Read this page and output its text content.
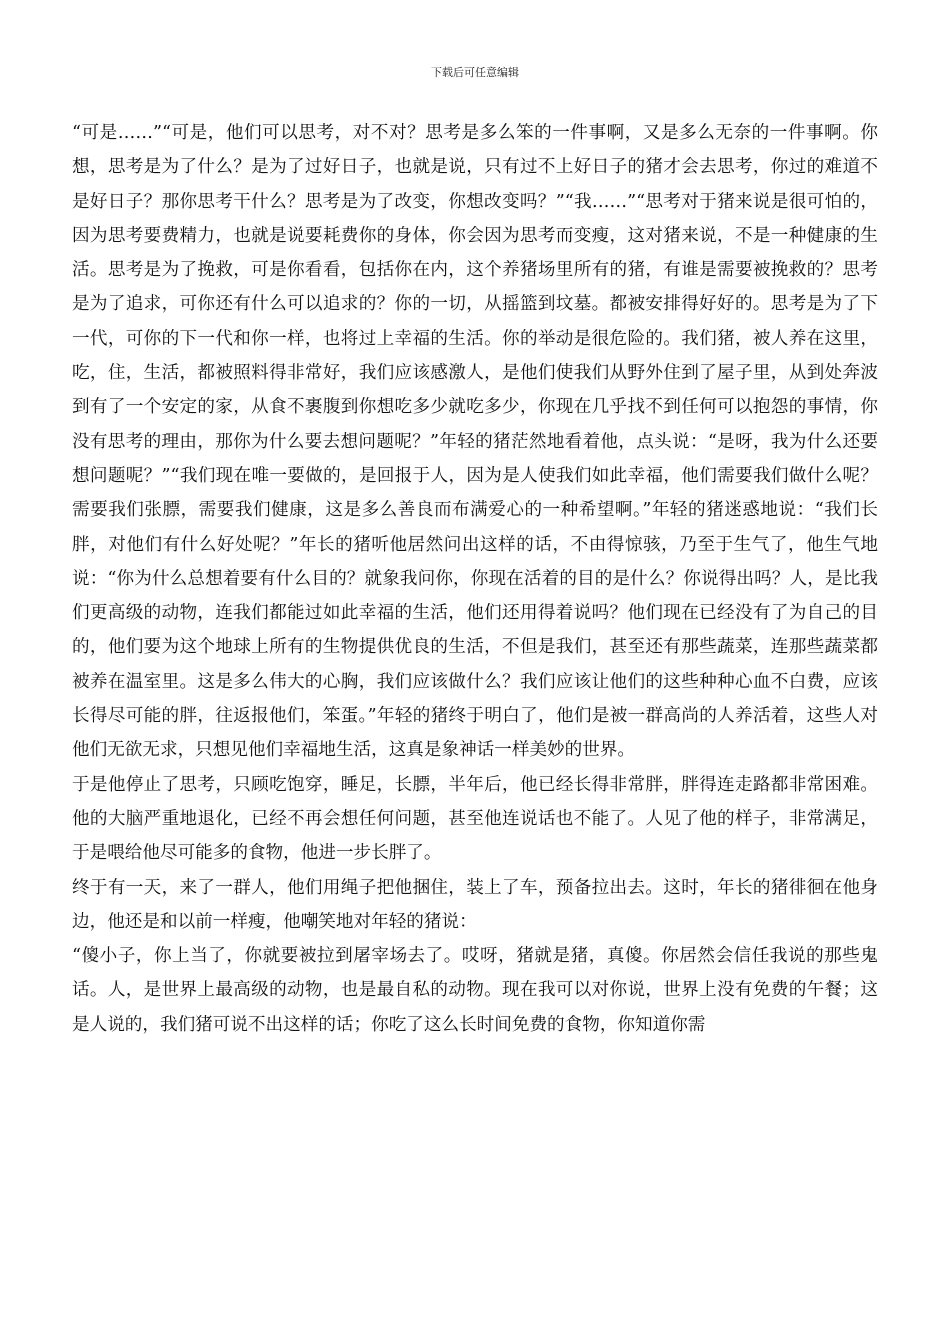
下载后可任意编辑

“可是……”“可是，他们可以思考，对不对？思考是多么笨的一件事啊，又是多么无奈的一件事啊。你想，思考是为了什么？是为了过好日子，也就是说，只有过不上好日子的猪才会去思考，你过的难道不是好日子？那你思考干什么？思考是为了改变，你想改变吗？”“我……”“思考对于猪来说是很可怕的，因为思考要费精力，也就是说要耗费你的身体，你会因为思考而变瘦，这对猪来说，不是一种健康的生活。思考是为了挽救，可是你看看，包括你在内，这个养猪场里所有的猪，有谁是需要被挽救的？思考是为了追求，可你还有什么可以追求的？你的一切，从摇篮到坟墓。都被安排得好好的。思考是为了下一代，可你的下一代和你一样，也将过上幸福的生活。你的举动是很危险的。我们猪，被人养在这里，吃，住，生活，都被照料得非常好，我们应该感激人，是他们使我们从野外住到了屋子里，从到处奔波到有了一个安定的家，从食不裹腹到你想吃多少就吃多少，你现在几乎找不到任何可以抱怨的事情，你没有思考的理由，那你为什么要去想问题呢？”年轻的猪茫然地看着他，点头说：“是呀，我为什么还要想问题呢？”“我们现在唯一要做的，是回报于人，因为是人使我们如此幸福，他们需要我们做什么呢？需要我们张膘，需要我们健康，这是多么善良而布满爱心的一种希望啊。”年轻的猪迷惑地说：“我们长胖，对他们有什么好处呢？”年长的猪听他居然问出这样的话，不由得惊骇，乃至于生气了，他生气地说：“你为什么总想着要有什么目的？就象我问你，你现在活着的目的是什么？你说得出吗？人，是比我们更高级的动物，连我们都能过如此幸福的生活，他们还用得着说吗？他们现在已经没有了为自己的目的，他们要为这个地球上所有的生物提供优良的生活，不但是我们，甚至还有那些蔬菜，连那些蔬菜都被养在温室里。这是多么伟大的心胸，我们应该做什么？我们应该让他们的这些种种心血不白费，应该长得尽可能的胖，往返报他们，笨蛋。”年轻的猪终于明白了，他们是被一群高尚的人养活着，这些人对他们无欲无求，只想见他们幸福地生活，这真是象神话一样美妙的世界。

于是他停止了思考，只顾吃饱穿，睡足，长膘，半年后，他已经长得非常胖，胖得连走路都非常困难。他的大脑严重地退化，已经不再会想任何问题，甚至他连说话也不能了。人见了他的样子，非常满足，于是喂给他尽可能多的食物，他进一步长胖了。

终于有一天，来了一群人，他们用绳子把他捆住，装上了车，预备拉出去。这时，年长的猪徘徊在他身边，他还是和以前一样瘦，他嘲笑地对年轻的猪说：

“傻小子，你上当了，你就要被拉到屠宰场去了。哎呀，猪就是猪，真傻。你居然会信任我说的那些鬼话。人，是世界上最高级的动物，也是最自私的动物。现在我可以对你说，世界上没有免费的午餐；这是人说的，我们猪可说不出这样的话；你吃了这么长时间免费的食物，你知道你需
